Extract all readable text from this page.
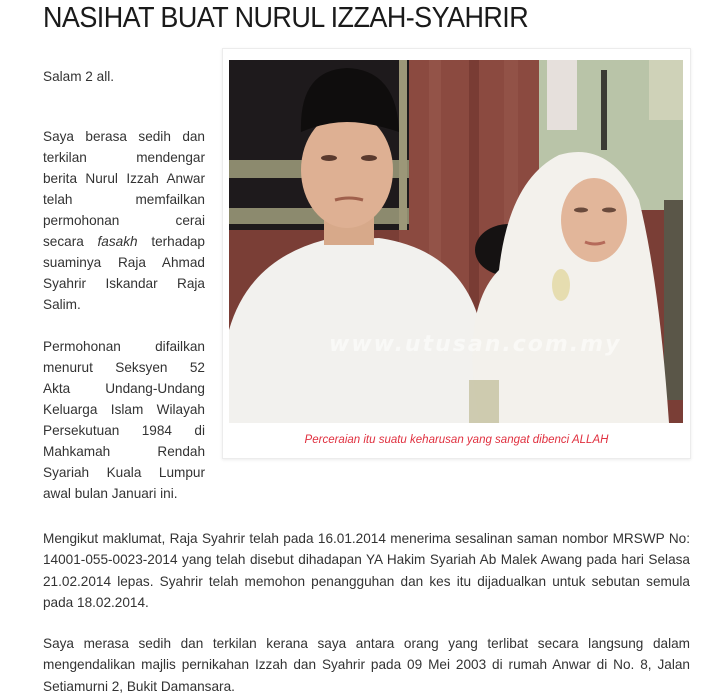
NASIHAT BUAT NURUL IZZAH-SYAHRIR

Salam 2 all.

Saya berasa sedih dan
terkilan mendengar
berita Nurul Izzah Anwar
telah memfailkan
permohonan cerai
secara fasakh terhadap
suaminya Raja Ahmad
Syahrir Iskandar Raja
Salim.

Permohonan difailkan
menurut Seksyen 52
Akta Undang-Undang
Keluarga Islam Wilayah
Persekutuan 1984 di
Mahkamah Rendah
Syariah Kuala Lumpur
awal bulan Januari ini.

www.utusan.com.my
Perceraian itu suatu keharusan yang sangat dibenci ALLAH

Mengikut maklumat, Raja Syahrir telah pada 16.01.2014 menerima sesalinan saman nombor MRSWP No: 14001-055-0023-2014 yang telah disebut dihadapan YA Hakim Syariah Ab Malek Awang pada hari Selasa 21.02.2014 lepas. Syahrir telah memohon penangguhan dan kes itu dijadualkan untuk sebutan semula pada 18.02.2014.

Saya merasa sedih dan terkilan kerana saya antara orang yang terlibat secara langsung dalam mengendalikan majlis pernikahan Izzah dan Syahrir pada 09 Mei 2003 di rumah Anwar di No. 8, Jalan Setiamurni 2, Bukit Damansara.
